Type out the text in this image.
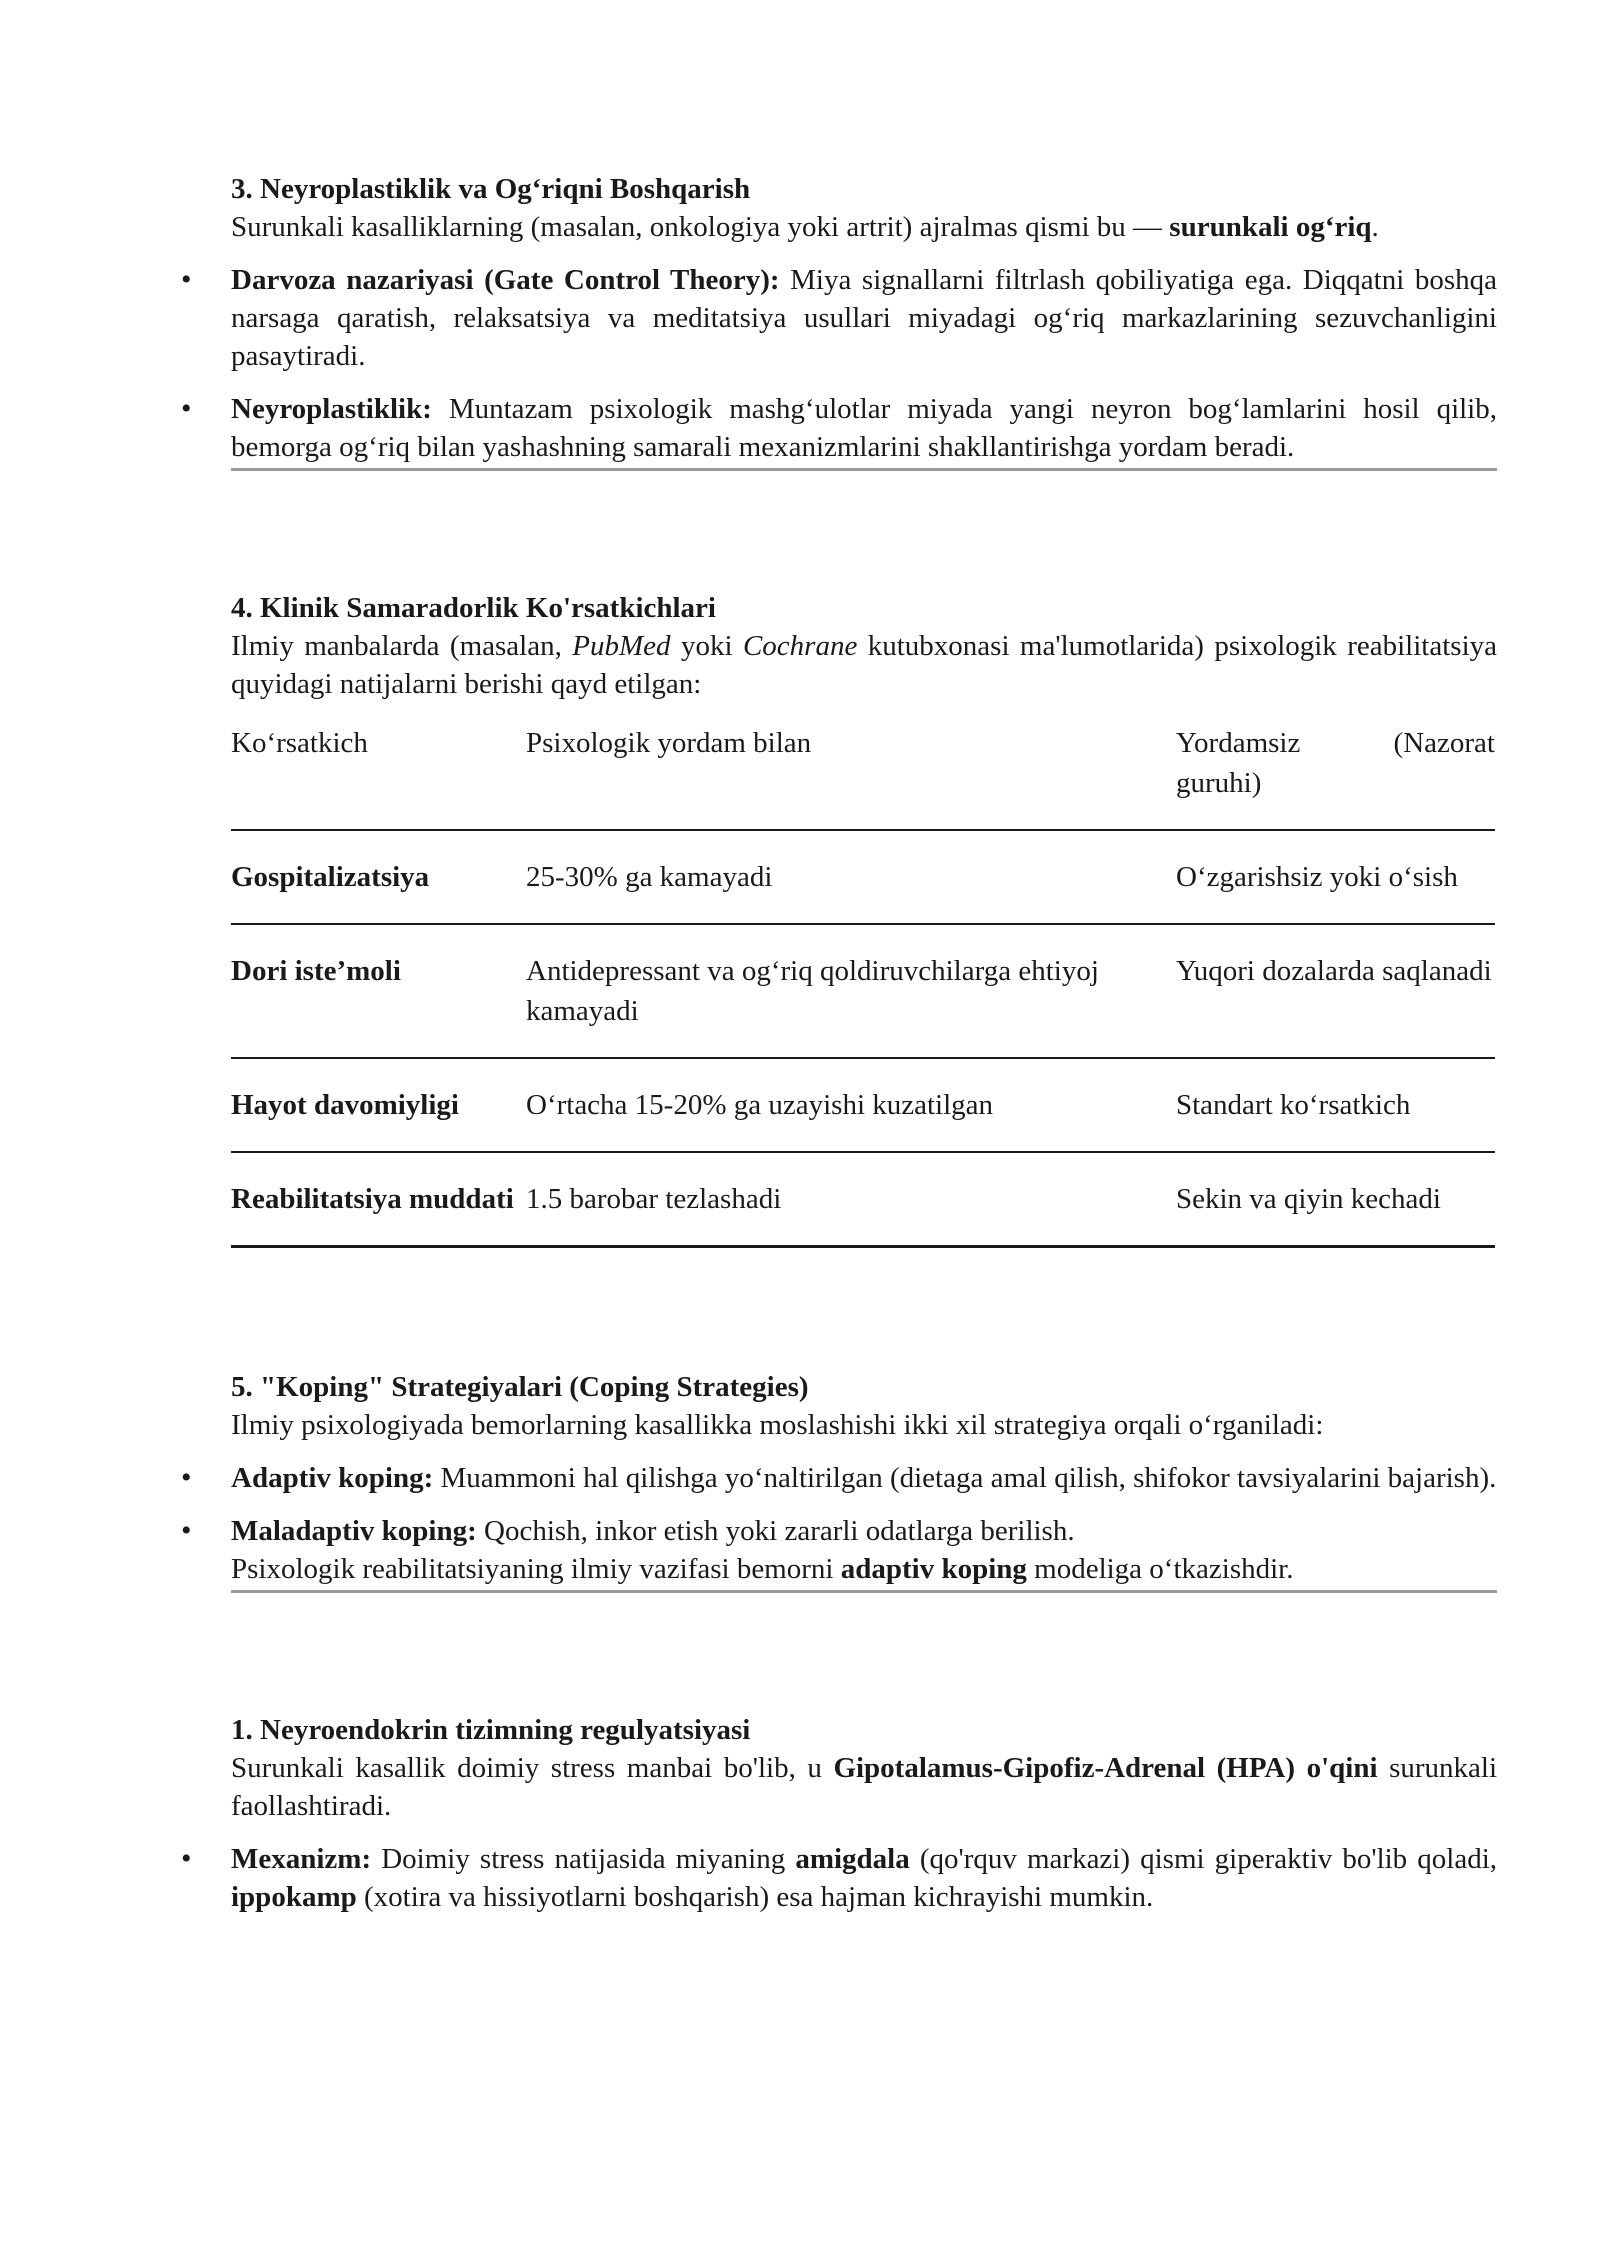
3. Neyroplastiklik va Og‘riqni Boshqarish

Surunkali kasalliklarning (masalan, onkologiya yoki artrit) ajralmas qismi bu — surunkali og‘riq.

• Darvoza nazariyasi (Gate Control Theory): Miya signallarni filtrlash qobiliyatiga ega. Diqqatni boshqa narsaga qaratish, relaksatsiya va meditatsiya usullari miyadagi og‘riq markazlarining sezuvchanligini pasaytiradi.
• Neyroplastiklik: Muntazam psixologik mashg‘ulotlar miyada yangi neyron bog‘lamlarini hosil qilib, bemorga og‘riq bilan yashashning samarali mexanizmlarini shakllantirishga yordam beradi.

4. Klinik Samaradorlik Ko'rsatkichlari

Ilmiy manbalarda (masalan, PubMed yoki Cochrane kutubxonasi ma'lumotlarida) psixologik reabilitatsiya quyidagi natijalarni berishi qayd etilgan:

Ko‘rsatkich	Psixologik yordam bilan	Yordamsiz (Nazorat guruhi)
Gospitalizatsiya	25-30% ga kamayadi	O‘zgarishsiz yoki o‘sish
Dori iste’moli	Antidepressant va og‘riq qoldiruvchilarga ehtiyoj kamayadi	Yuqori dozalarda saqlanadi
Hayot davomiyligi	O‘rtacha 15-20% ga uzayishi kuzatilgan	Standart ko‘rsatkich
Reabilitatsiya muddati	1.5 barobar tezlashadi	Sekin va qiyin kechadi

5. "Koping" Strategiyalari (Coping Strategies)

Ilmiy psixologiyada bemorlarning kasallikka moslashishi ikki xil strategiya orqali o‘rganiladi:

• Adaptiv koping: Muammoni hal qilishga yo‘naltirilgan (dietaga amal qilish, shifokor tavsiyalarini bajarish).
• Maladaptiv koping: Qochish, inkor etish yoki zararli odatlarga berilish.
Psixologik reabilitatsiyaning ilmiy vazifasi bemorni adaptiv koping modeliga o‘tkazishdir.

1. Neyroendokrin tizimning regulyatsiyasi

Surunkali kasallik doimiy stress manbai bo'lib, u Gipotalamus-Gipofiz-Adrenal (HPA) o'qini surunkali faollashtiradi.

• Mexanizm: Doimiy stress natijasida miyaning amigdala (qo'rquv markazi) qismi giperaktiv bo'lib qoladi, ippokamp (xotira va hissiyotlarni boshqarish) esa hajman kichrayishi mumkin.
